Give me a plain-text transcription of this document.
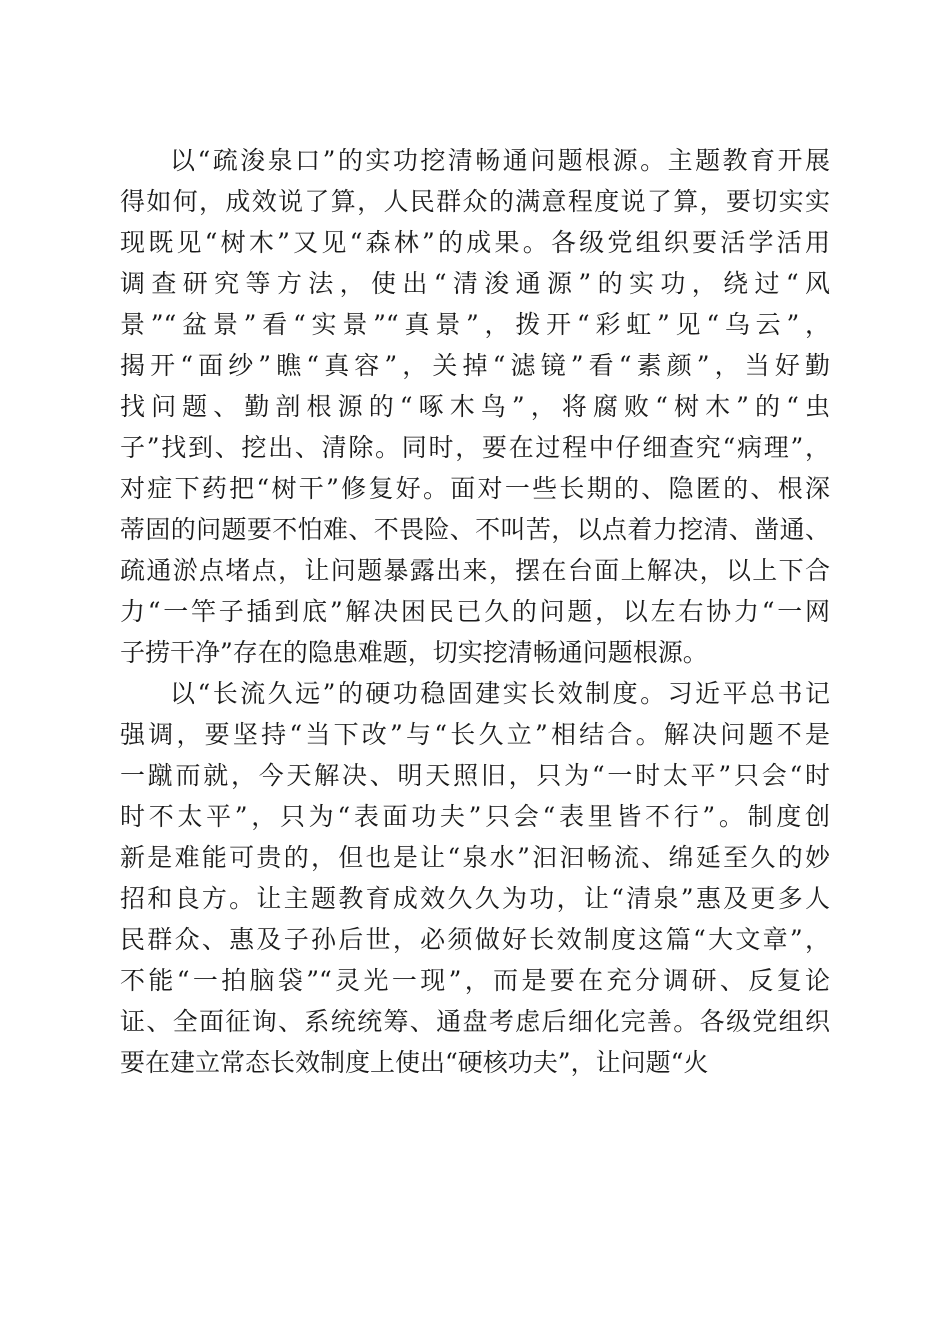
以“疏浚泉口”的实功挖清畅通问题根源。主题教育开展
得如何，成效说了算，人民群众的满意程度说了算，要切实实
现既见“树木”又见“森林”的成果。各级党组织要活学活用
调查研究等方法，使出“清浚通源”的实功，绕过“风
景”“盆景”看“实景”“真景”，拨开“彩虹”见“乌云”，
揭开“面纱”瞧“真容”，关掉“滤镜”看“素颜”，当好勤
找问题、勤剖根源的“啄木鸟”，将腐败“树木”的“虫
子”找到、挖出、清除。同时，要在过程中仔细查究“病理”，
对症下药把“树干”修复好。面对一些长期的、隐匿的、根深
蒂固的问题要不怕难、不畏险、不叫苦，以点着力挖清、凿通、
疏通淤点堵点，让问题暴露出来，摆在台面上解决，以上下合
力“一竿子插到底”解决困民已久的问题，以左右协力“一网
子捞干净”存在的隐患难题，切实挖清畅通问题根源。
以“长流久远”的硬功稳固建实长效制度。习近平总书记
强调，要坚持“当下改”与“长久立”相结合。解决问题不是
一蹴而就，今天解决、明天照旧，只为“一时太平”只会“时
时不太平”，只为“表面功夫”只会“表里皆不行”。制度创
新是难能可贵的，但也是让“泉水”汩汩畅流、绵延至久的妙
招和良方。让主题教育成效久久为功，让“清泉”惠及更多人
民群众、惠及子孙后世，必须做好长效制度这篇“大文章”，
不能“一拍脑袋”“灵光一现”，而是要在充分调研、反复论
证、全面征询、系统统筹、通盘考虑后细化完善。各级党组织
要在建立常态长效制度上使出“硬核功夫”，让问题“火
